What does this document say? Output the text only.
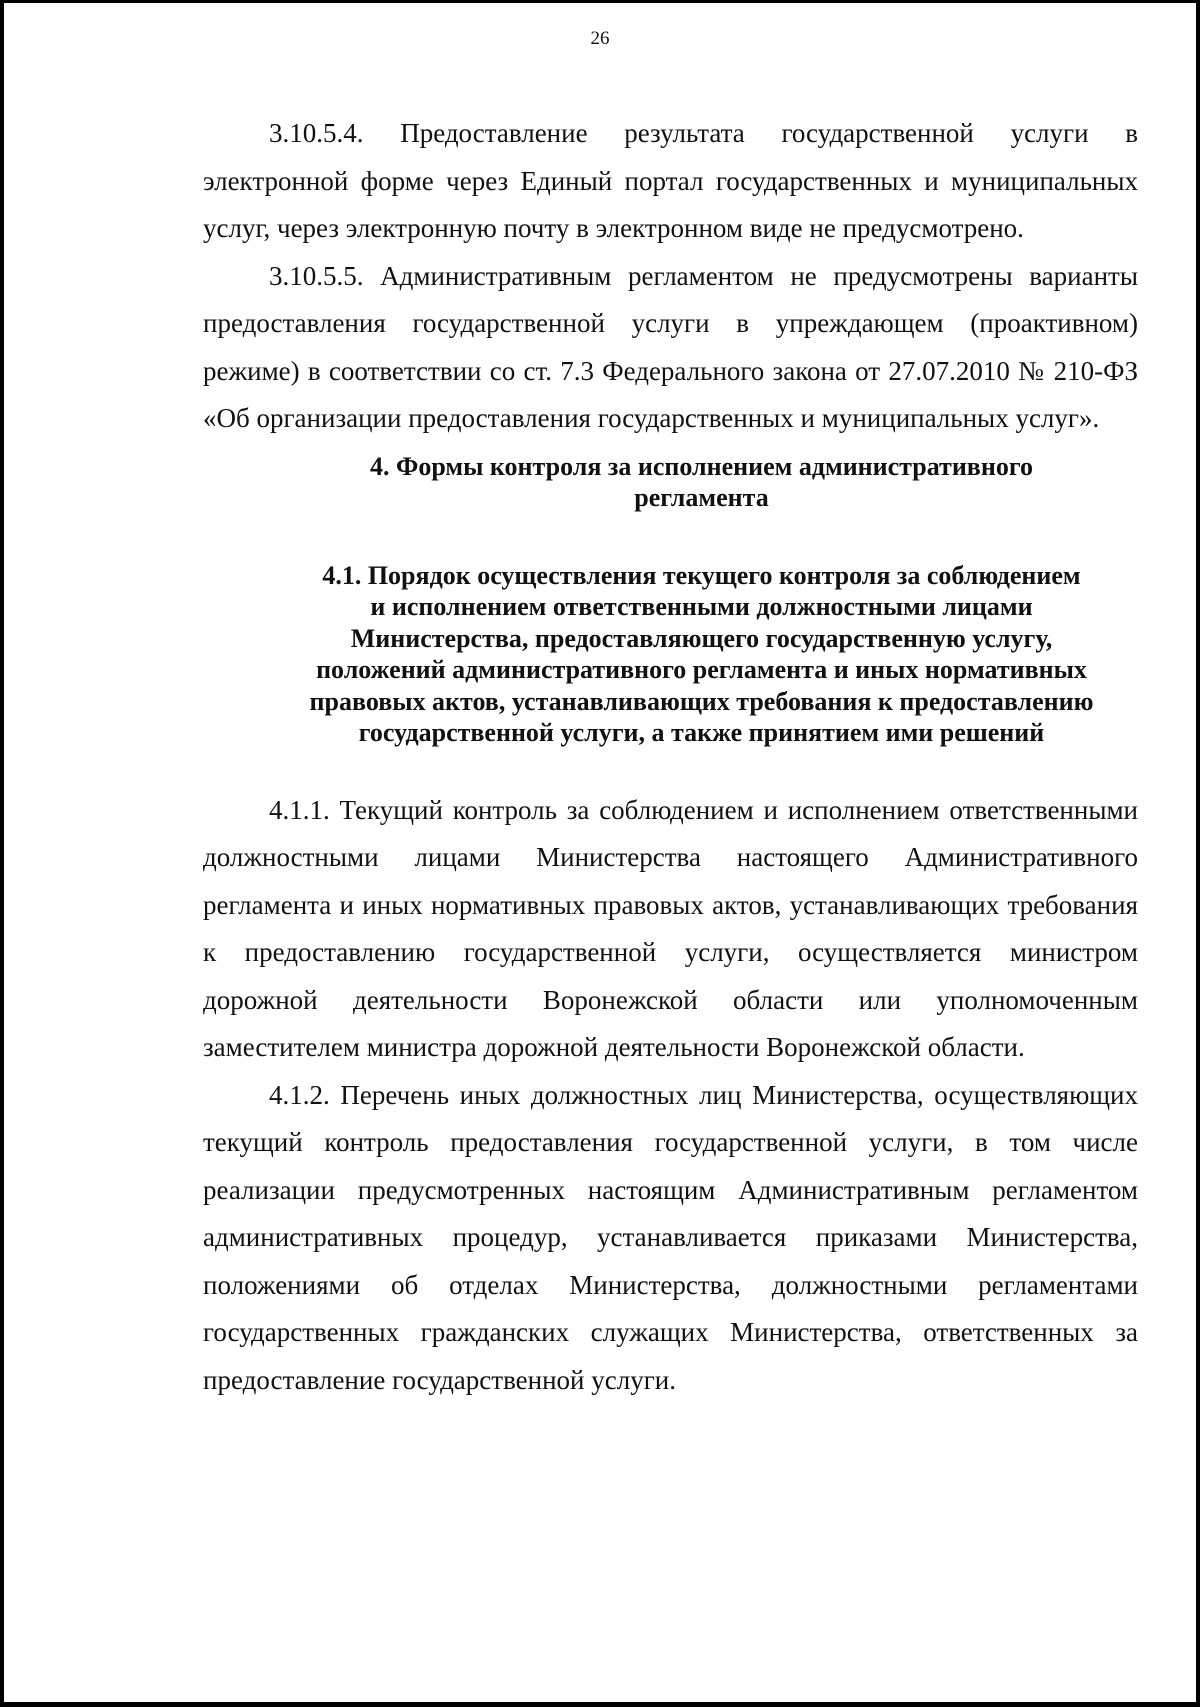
26

3.10.5.4. Предоставление результата государственной услуги в электронной форме через Единый портал государственных и муниципальных услуг, через электронную почту в электронном виде не предусмотрено.

3.10.5.5. Административным регламентом не предусмотрены варианты предоставления государственной услуги в упреждающем (проактивном) режиме) в соответствии со ст. 7.3 Федерального закона от 27.07.2010 № 210-ФЗ «Об организации предоставления государственных и муниципальных услуг».

4. Формы контроля за исполнением административного
регламента
4.1. Порядок осуществления текущего контроля за соблюдением
и исполнением ответственными должностными лицами
Министерства, предоставляющего государственную услугу,
положений административного регламента и иных нормативных
правовых актов, устанавливающих требования к предоставлению
государственной услуги, а также принятием ими решений

4.1.1. Текущий контроль за соблюдением и исполнением ответственными должностными лицами Министерства настоящего Административного регламента и иных нормативных правовых актов, устанавливающих требования к предоставлению государственной услуги, осуществляется министром дорожной деятельности Воронежской области или уполномоченным заместителем министра дорожной деятельности Воронежской области.

4.1.2. Перечень иных должностных лиц Министерства, осуществляющих текущий контроль предоставления государственной услуги, в том числе реализации предусмотренных настоящим Административным регламентом административных процедур, устанавливается приказами Министерства, положениями об отделах Министерства, должностными регламентами государственных гражданских служащих Министерства, ответственных за предоставление государственной услуги.
